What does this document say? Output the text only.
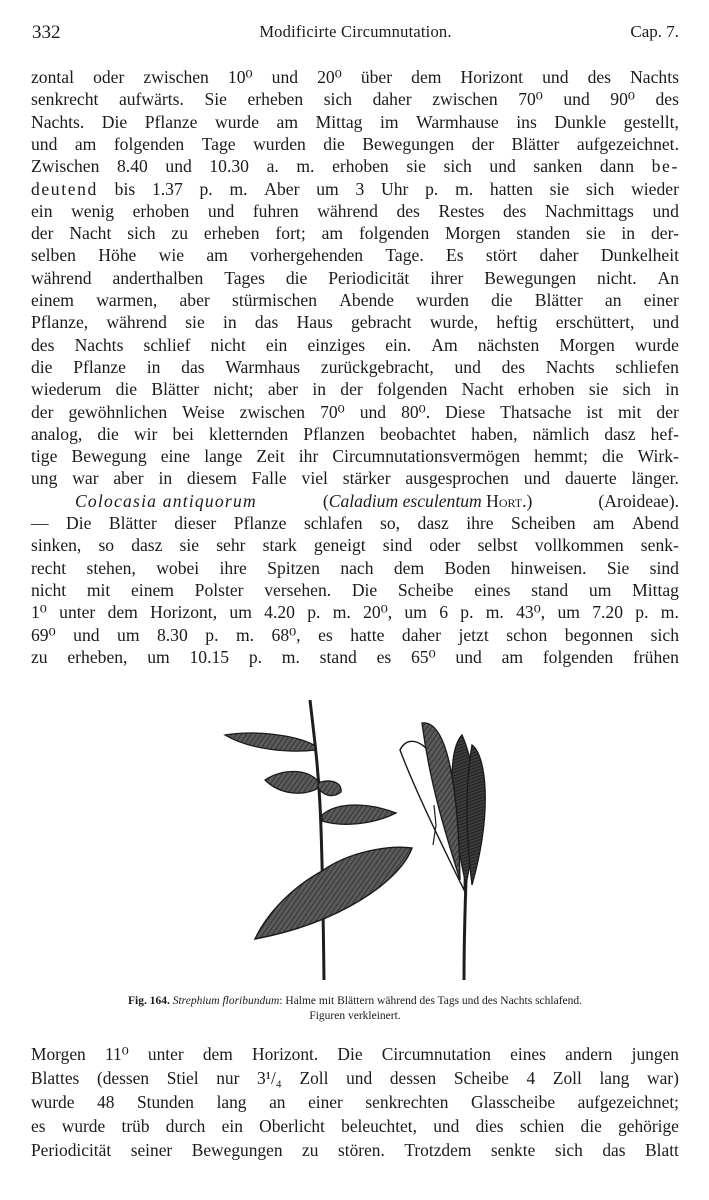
332	Modificirte Circumnutation.	Cap. 7.
zontal oder zwischen 10⁰ und 20⁰ über dem Horizont und des Nachts
senkrecht aufwärts. Sie erheben sich daher zwischen 70⁰ und 90⁰ des
Nachts. Die Pflanze wurde am Mittag im Warmhause ins Dunkle gestellt,
und am folgenden Tage wurden die Bewegungen der Blätter aufgezeichnet.
Zwischen 8.40 und 10.30 a. m. erhoben sie sich und sanken dann be-
deutend bis 1.37 p. m. Aber um 3 Uhr p. m. hatten sie sich wieder
ein wenig erhoben und fuhren während des Restes des Nachmittags und
der Nacht sich zu erheben fort; am folgenden Morgen standen sie in der-
selben Höhe wie am vorhergehenden Tage. Es stört daher Dunkelheit
während anderthalben Tages die Periodicität ihrer Bewegungen nicht. An
einem warmen, aber stürmischen Abende wurden die Blätter an einer
Pflanze, während sie in das Haus gebracht wurde, heftig erschüttert, und
des Nachts schlief nicht ein einziges ein. Am nächsten Morgen wurde
die Pflanze in das Warmhaus zurückgebracht, und des Nachts schliefen
wiederum die Blätter nicht; aber in der folgenden Nacht erhoben sie sich in
der gewöhnlichen Weise zwischen 70⁰ und 80⁰. Diese Thatsache ist mit der
analog, die wir bei kletternden Pflanzen beobachtet haben, nämlich dasz hef-
tige Bewegung eine lange Zeit ihr Circumnutationsvermögen hemmt; die Wirk-
ung war aber in diesem Falle viel stärker ausgesprochen und dauerte länger.
Colocasia antiquorum	(Caladium esculentum Hort.)	(Aroideae).
— Die Blätter dieser Pflanze schlafen so, dasz ihre Scheiben am Abend
sinken, so dasz sie sehr stark geneigt sind oder selbst vollkommen senk-
recht stehen, wobei ihre Spitzen nach dem Boden hinweisen. Sie sind
nicht mit einem Polster versehen. Die Scheibe eines stand um Mittag
1⁰ unter dem Horizont, um 4.20 p. m. 20⁰, um 6 p. m. 43⁰, um 7.20 p. m.
69⁰ und um 8.30 p. m. 68⁰, es hatte daher jetzt schon begonnen sich
zu erheben, um 10.15 p. m. stand es 65⁰ und am folgenden frühen
Fig. 164. Strephium floribundum: Halme mit Blättern während des Tags und des Nachts schlafend.
Figuren verkleinert.
Morgen 11⁰ unter dem Horizont. Die Circumnutation eines andern jungen
Blattes (dessen Stiel nur 3¹/₄ Zoll und dessen Scheibe 4 Zoll lang war)
wurde 48 Stunden lang an einer senkrechten Glasscheibe aufgezeichnet;
es wurde trüb durch ein Oberlicht beleuchtet, und dies schien die gehörige
Periodicität seiner Bewegungen zu stören. Trotzdem senkte sich das Blatt
